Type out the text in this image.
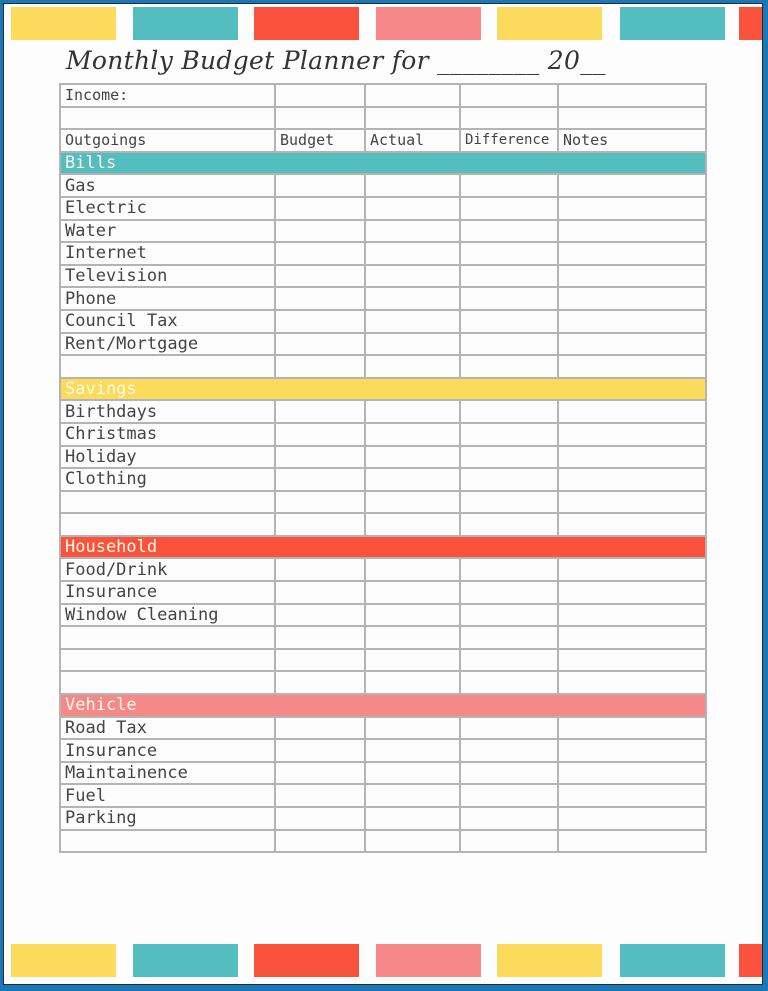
Monthly Budget Planner for ________ 20__
Income:				

Outgoings	Budget	Actual	Difference	Notes
Bills				
Gas				
Electric				
Water				
Internet				
Television				
Phone				
Council Tax				
Rent/Mortgage				

Savings				
Birthdays				
Christmas				
Holiday				
Clothing				

Household				
Food/Drink				
Insurance				
Window Cleaning				

Vehicle				
Road Tax				
Insurance				
Maintainence				
Fuel				
Parking				
